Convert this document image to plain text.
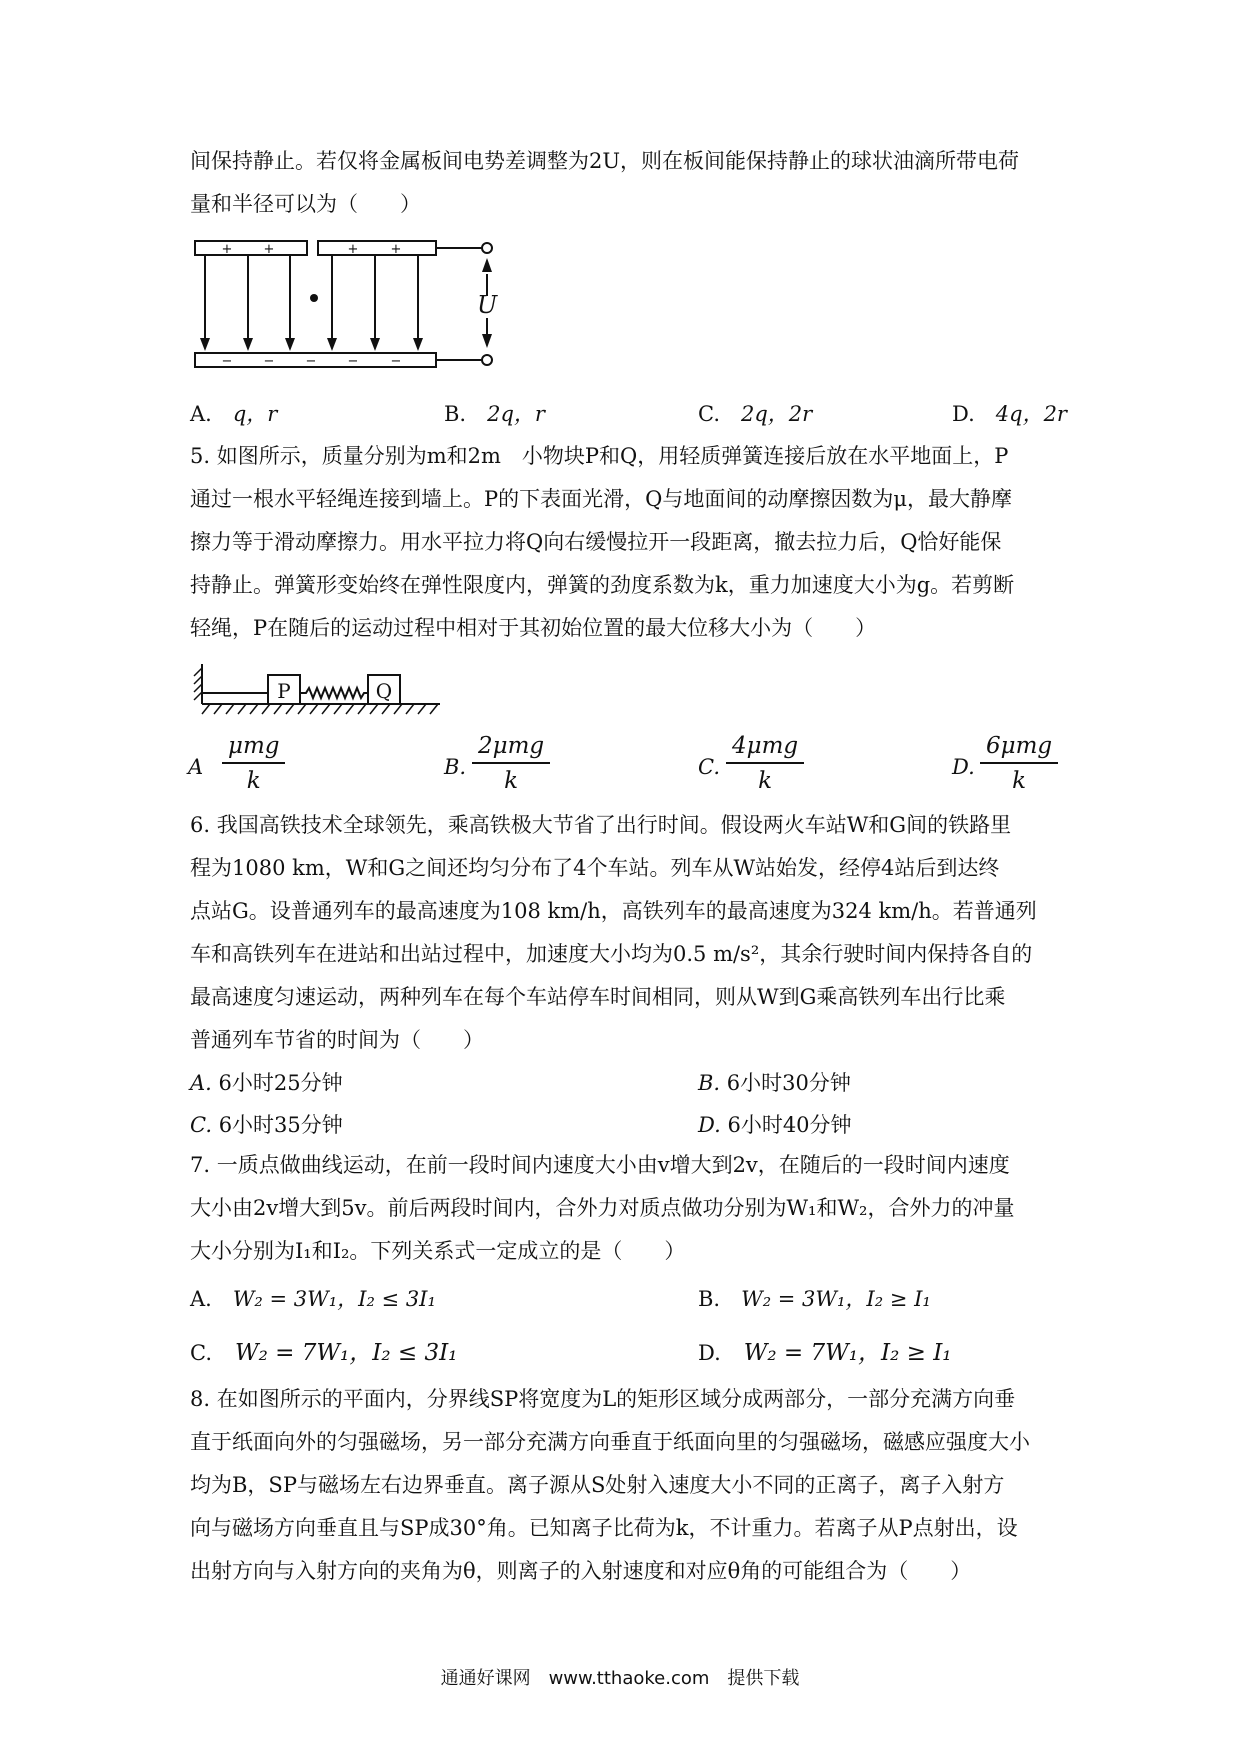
间保持静止。若仅将金属板间电势差调整为2U，则在板间能保持静止的球状油滴所带电荷
量和半径可以为（　　）
+ +	+ +
− − − − −
U
A.　 q，r	B.　 2q，r	C.　 2q，2r	D.　 4q，2r
5. 如图所示，质量分别为m和2m　小物块P和Q，用轻质弹簧连接后放在水平地面上，P
通过一根水平轻绳连接到墙上。P的下表面光滑，Q与地面间的动摩擦因数为μ，最大静摩
擦力等于滑动摩擦力。用水平拉力将Q向右缓慢拉开一段距离，撤去拉力后，Q恰好能保
持静止。弹簧形变始终在弹性限度内，弹簧的劲度系数为k，重力加速度大小为g。若剪断
轻绳，P在随后的运动过程中相对于其初始位置的最大位移大小为（　　）
P	Q
A
μmg
k
B.
2μmg
k
C.
4μmg
k
D.
6μmg
k
6. 我国高铁技术全球领先，乘高铁极大节省了出行时间。假设两火车站W和G间的铁路里
程为1080 km，W和G之间还均匀分布了4个车站。列车从W站始发，经停4站后到达终
点站G。设普通列车的最高速度为108 km/h，高铁列车的最高速度为324 km/h。若普通列
车和高铁列车在进站和出站过程中，加速度大小均为0.5 m/s²，其余行驶时间内保持各自的
最高速度匀速运动，两种列车在每个车站停车时间相同，则从W到G乘高铁列车出行比乘
普通列车节省的时间为（　　）
A. 6小时25分钟	B. 6小时30分钟
C. 6小时35分钟	D. 6小时40分钟
7. 一质点做曲线运动，在前一段时间内速度大小由v增大到2v，在随后的一段时间内速度
大小由2v增大到5v。前后两段时间内，合外力对质点做功分别为W₁和W₂，合外力的冲量
大小分别为I₁和I₂。下列关系式一定成立的是（　　）
A.　 W₂ = 3W₁，I₂ ≤ 3I₁	B.　 W₂ = 3W₁，I₂ ≥ I₁
C.　 W₂ = 7W₁，I₂ ≤ 3I₁	D.　 W₂ = 7W₁，I₂ ≥ I₁
8. 在如图所示的平面内，分界线SP将宽度为L的矩形区域分成两部分，一部分充满方向垂
直于纸面向外的匀强磁场，另一部分充满方向垂直于纸面向里的匀强磁场，磁感应强度大小
均为B，SP与磁场左右边界垂直。离子源从S处射入速度大小不同的正离子，离子入射方
向与磁场方向垂直且与SP成30°角。已知离子比荷为k，不计重力。若离子从P点射出，设
出射方向与入射方向的夹角为θ，则离子的入射速度和对应θ角的可能组合为（　　）
通通好课网　www.tthaoke.com　提供下载
